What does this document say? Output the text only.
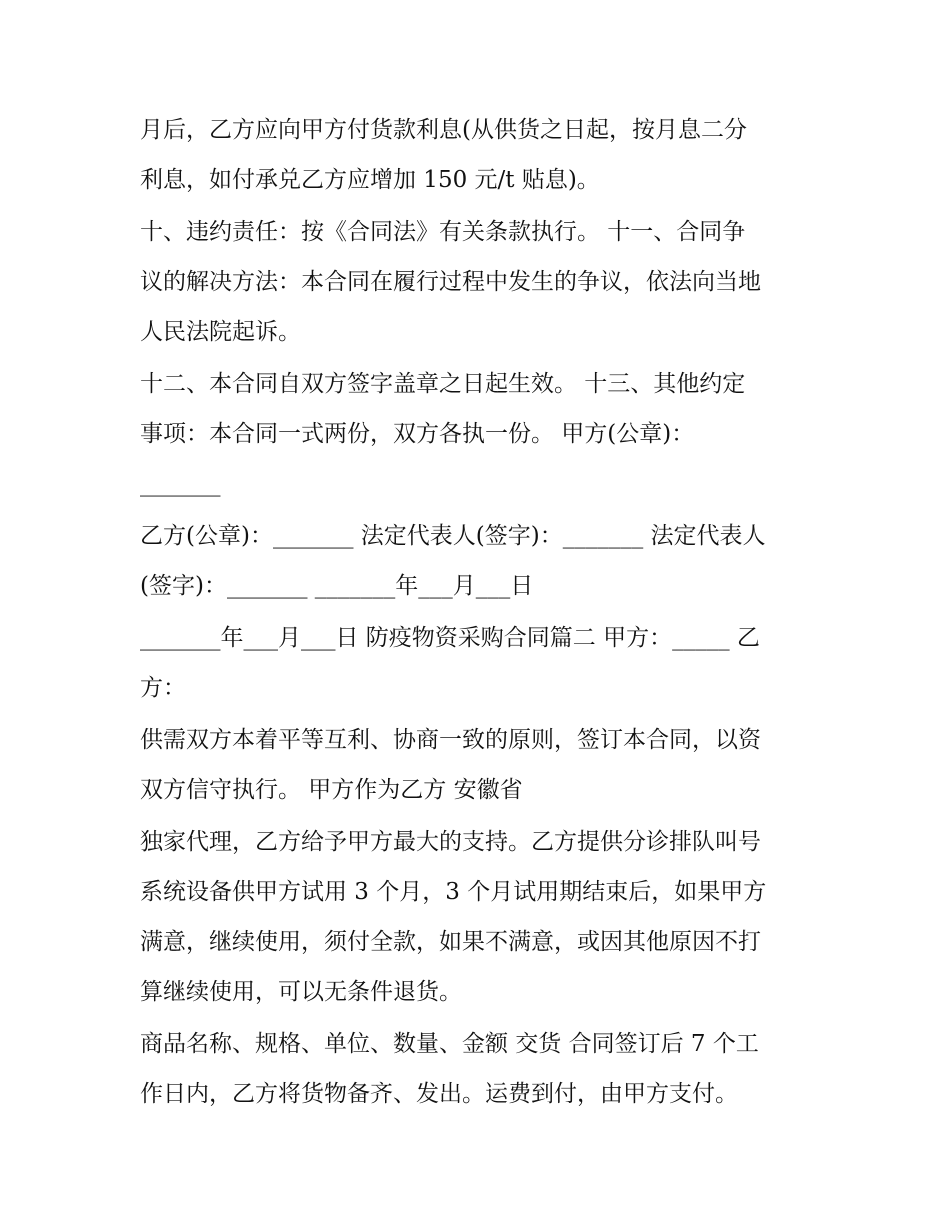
月后，乙方应向甲方付货款利息(从供货之日起，按月息二分
利息，如付承兑乙方应增加 150 元/t 贴息)。

十、违约责任：按《合同法》有关条款执行。 十一、合同争
议的解决方法：本合同在履行过程中发生的争议，依法向当地
人民法院起诉。

十二、本合同自双方签字盖章之日起生效。 十三、其他约定
事项：本合同一式两份，双方各执一份。 甲方(公章)：
_______

乙方(公章)：_______ 法定代表人(签字)：_______ 法定代表人
(签字)：_______ _______年___月___日

_______年___月___日 防疫物资采购合同篇二 甲方：_____ 乙
方：

供需双方本着平等互利、协商一致的原则，签订本合同，以资
双方信守执行。 甲方作为乙方 安徽省

独家代理，乙方给予甲方最大的支持。乙方提供分诊排队叫号
系统设备供甲方试用 3 个月，3 个月试用期结束后，如果甲方
满意，继续使用，须付全款，如果不满意，或因其他原因不打
算继续使用，可以无条件退货。

商品名称、规格、单位、数量、金额 交货 合同签订后 7 个工
作日内，乙方将货物备齐、发出。运费到付，由甲方支付。
